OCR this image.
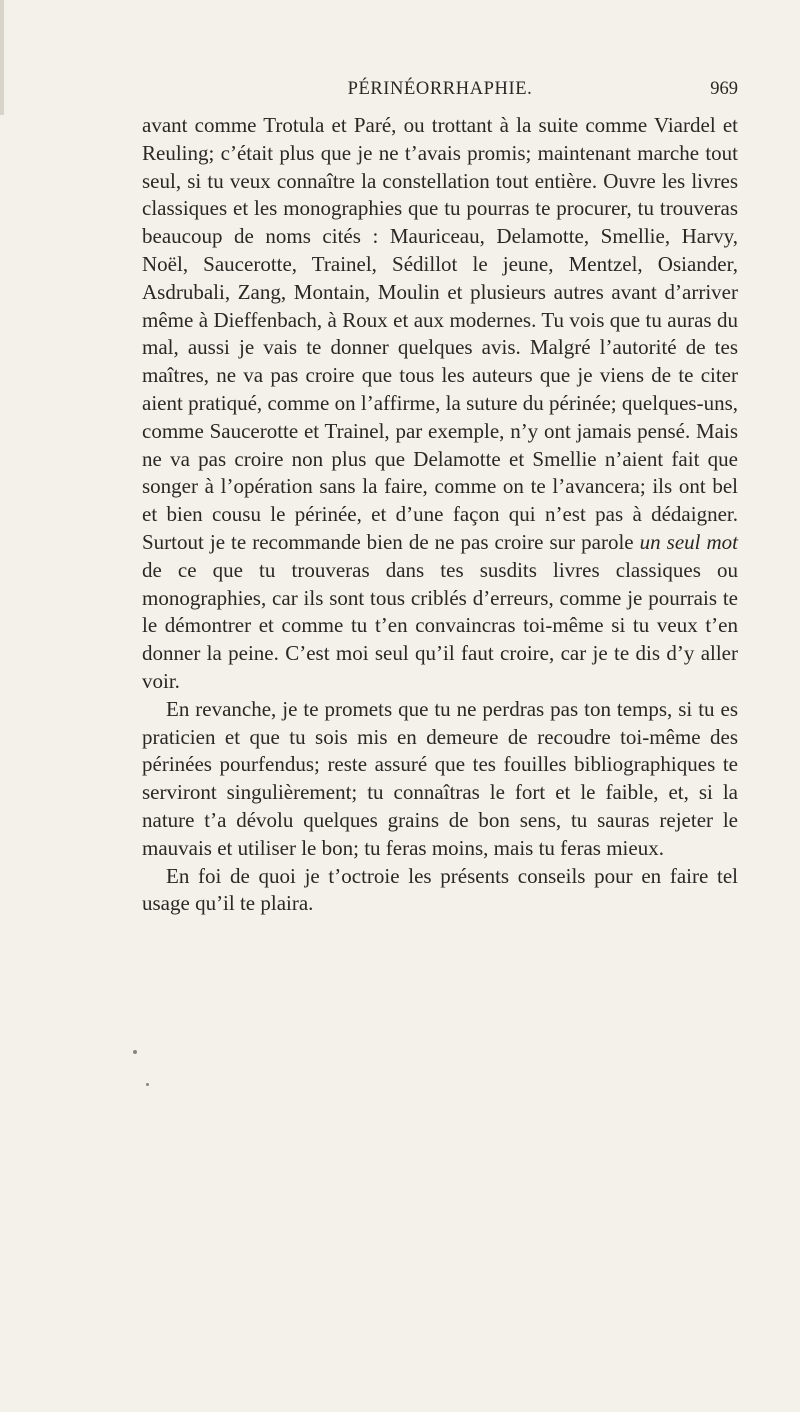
PÉRINÉORRHAPHIE.	969

avant comme Trotula et Paré, ou trottant à la suite comme Viardel et Reuling; c’était plus que je ne t’avais promis; maintenant marche tout seul, si tu veux connaître la constellation tout entière. Ouvre les livres classiques et les monographies que tu pourras te procurer, tu trouveras beaucoup de noms cités : Mauriceau, Delamotte, Smellie, Harvy, Noël, Saucerotte, Trainel, Sédillot le jeune, Mentzel, Osiander, Asdrubali, Zang, Montain, Moulin et plusieurs autres avant d’arriver même à Dieffenbach, à Roux et aux modernes. Tu vois que tu auras du mal, aussi je vais te donner quelques avis. Malgré l’autorité de tes maîtres, ne va pas croire que tous les auteurs que je viens de te citer aient pratiqué, comme on l’affirme, la suture du périnée; quelques-uns, comme Saucerotte et Trainel, par exemple, n’y ont jamais pensé. Mais ne va pas croire non plus que Delamotte et Smellie n’aient fait que songer à l’opération sans la faire, comme on te l’avancera; ils ont bel et bien cousu le périnée, et d’une façon qui n’est pas à dédaigner. Surtout je te recommande bien de ne pas croire sur parole un seul mot de ce que tu trouveras dans tes susdits livres classiques ou monographies, car ils sont tous criblés d’erreurs, comme je pourrais te le démontrer et comme tu t’en convaincras toi-même si tu veux t’en donner la peine. C’est moi seul qu’il faut croire, car je te dis d’y aller voir.

En revanche, je te promets que tu ne perdras pas ton temps, si tu es praticien et que tu sois mis en demeure de recoudre toi-même des périnées pourfendus; reste assuré que tes fouilles bibliographiques te serviront singulièrement; tu connaîtras le fort et le faible, et, si la nature t’a dévolu quelques grains de bon sens, tu sauras rejeter le mauvais et utiliser le bon; tu feras moins, mais tu feras mieux.

En foi de quoi je t’octroie les présents conseils pour en faire tel usage qu’il te plaira.
